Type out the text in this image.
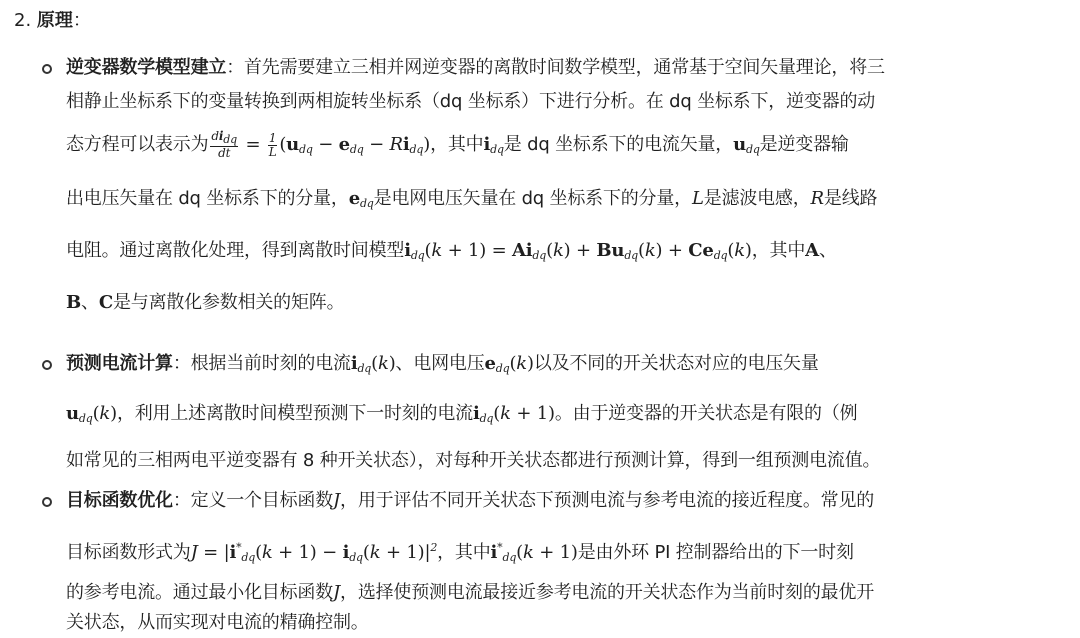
2. 原理：
逆变器数学模型建立：首先需要建立三相并网逆变器的离散时间数学模型，通常基于空间矢量理论，将三
相静止坐标系下的变量转换到两相旋转坐标系（dq 坐标系）下进行分析。在 dq 坐标系下，逆变器的动
态方程可以表示为 $\frac{di_{dq}}{dt} = \frac{1}{L} (u_{dq} - e_{dq} - Ri_{dq})$，其中$i_{dq}$是 dq 坐标系下的电流矢量，$u_{dq}$是逆变器输
出电压矢量在 dq 坐标系下的分量，$e_{dq}$是电网电压矢量在 dq 坐标系下的分量，L是滤波电感，R是线路
电阻。通过离散化处理，得到离散时间模型$i_{dq}(k + 1) = Ai_{dq}(k) + Bu_{dq}(k) + Ce_{dq}(k)$，其中A、
B、C是与离散化参数相关的矩阵。
预测电流计算：根据当前时刻的电流$i_{dq}(k)$、电网电压$e_{dq}(k)$以及不同的开关状态对应的电压矢量
$u_{dq}(k)$，利用上述离散时间模型预测下一时刻的电流$i_{dq}(k + 1)$。由于逆变器的开关状态是有限的（例
如常见的三相两电平逆变器有 8 种开关状态），对每种开关状态都进行预测计算，得到一组预测电流值。
目标函数优化：定义一个目标函数J，用于评估不同开关状态下预测电流与参考电流的接近程度。常见的
目标函数形式为$J = |i^*_{dq}(k + 1) - i_{dq}(k + 1)|^2$，其中$i^*_{dq}(k + 1)$是由外环 PI 控制器给出的下一时刻
的参考电流。通过最小化目标函数J，选择使预测电流最接近参考电流的开关状态作为当前时刻的最优开
关状态，从而实现对电流的精确控制。
